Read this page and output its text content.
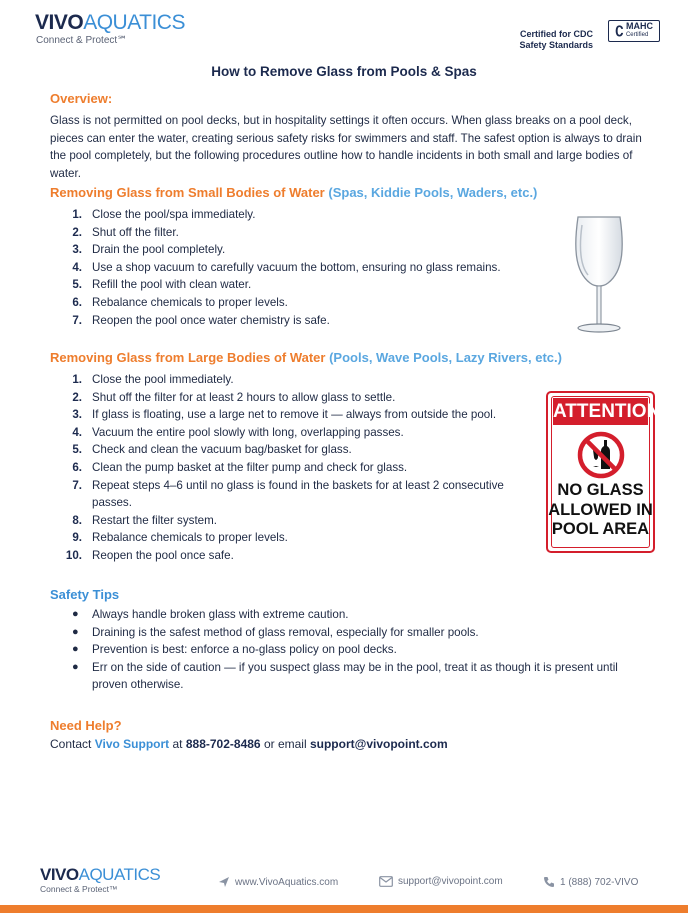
VIVOAQUATICS
Connect & Protect℠
Certified for CDC
Safety Standards
∁ MAHC
Certified
How to Remove Glass from Pools & Spas
Overview:
Glass is not permitted on pool decks, but in hospitality settings it often occurs. When glass breaks on a pool deck, pieces can enter the water, creating serious safety risks for swimmers and staff. The safest option is always to drain the pool completely, but the following procedures outline how to handle incidents in both small and large bodies of water.
Removing Glass from Small Bodies of Water (Spas, Kiddie Pools, Waders, etc.)
1. Close the pool/spa immediately.
2. Shut off the filter.
3. Drain the pool completely.
4. Use a shop vacuum to carefully vacuum the bottom, ensuring no glass remains.
5. Refill the pool with clean water.
6. Rebalance chemicals to proper levels.
7. Reopen the pool once water chemistry is safe.
Removing Glass from Large Bodies of Water (Pools, Wave Pools, Lazy Rivers, etc.)
1. Close the pool immediately.
2. Shut off the filter for at least 2 hours to allow glass to settle.
3. If glass is floating, use a large net to remove it — always from outside the pool.
4. Vacuum the entire pool slowly with long, overlapping passes.
5. Check and clean the vacuum bag/basket for glass.
6. Clean the pump basket at the filter pump and check for glass.
7. Repeat steps 4–6 until no glass is found in the baskets for at least 2 consecutive passes.
8. Restart the filter system.
9. Rebalance chemicals to proper levels.
10. Reopen the pool once safe.
ATTENTION
NO GLASS
ALLOWED IN
POOL AREA
Safety Tips
● Always handle broken glass with extreme caution.
● Draining is the safest method of glass removal, especially for smaller pools.
● Prevention is best: enforce a no-glass policy on pool decks.
● Err on the side of caution — if you suspect glass may be in the pool, treat it as though it is present until proven otherwise.
Need Help?
Contact Vivo Support at 888-702-8486 or email support@vivopoint.com
VIVOAQUATICS
Connect & Protect™
www.VivoAquatics.com	support@vivopoint.com	1 (888) 702-VIVO
